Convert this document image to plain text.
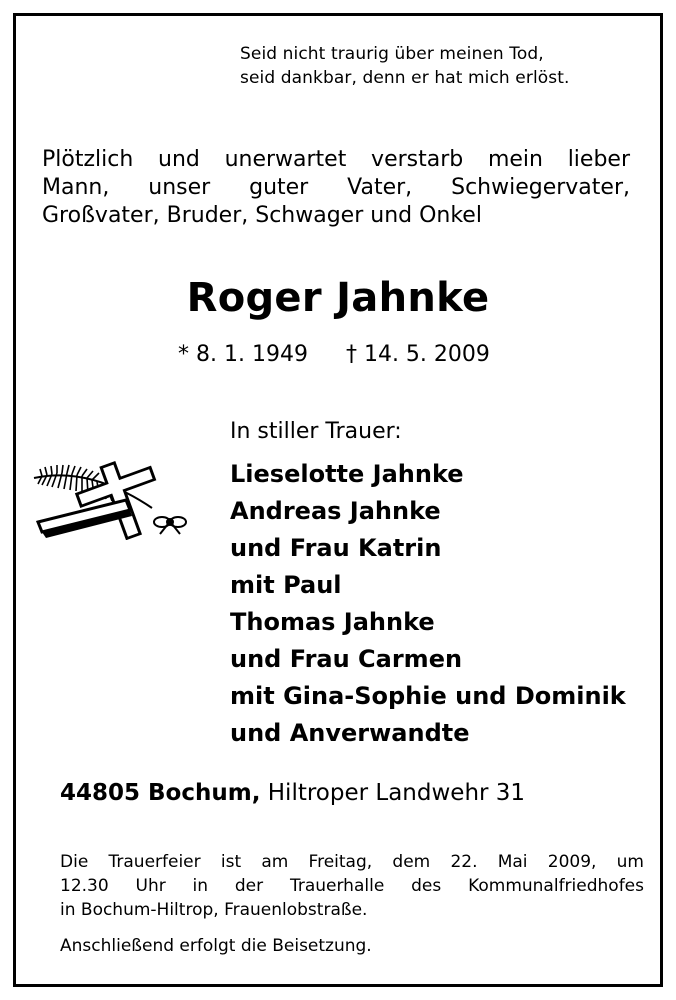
Seid nicht traurig über meinen Tod,
seid dankbar, denn er hat mich erlöst.
Plötzlich und unerwartet verstarb mein lieber
Mann, unser guter Vater, Schwiegervater,
Großvater, Bruder, Schwager und Onkel
Roger Jahnke
* 8. 1. 1949 † 14. 5. 2009
In stiller Trauer:
Lieselotte Jahnke
Andreas Jahnke
und Frau Katrin
mit Paul
Thomas Jahnke
und Frau Carmen
mit Gina-Sophie und Dominik
und Anverwandte
44805 Bochum, Hiltroper Landwehr 31
Die Trauerfeier ist am Freitag, dem 22. Mai 2009, um
12.30 Uhr in der Trauerhalle des Kommunalfriedhofes
in Bochum-Hiltrop, Frauenlobstraße.
Anschließend erfolgt die Beisetzung.
